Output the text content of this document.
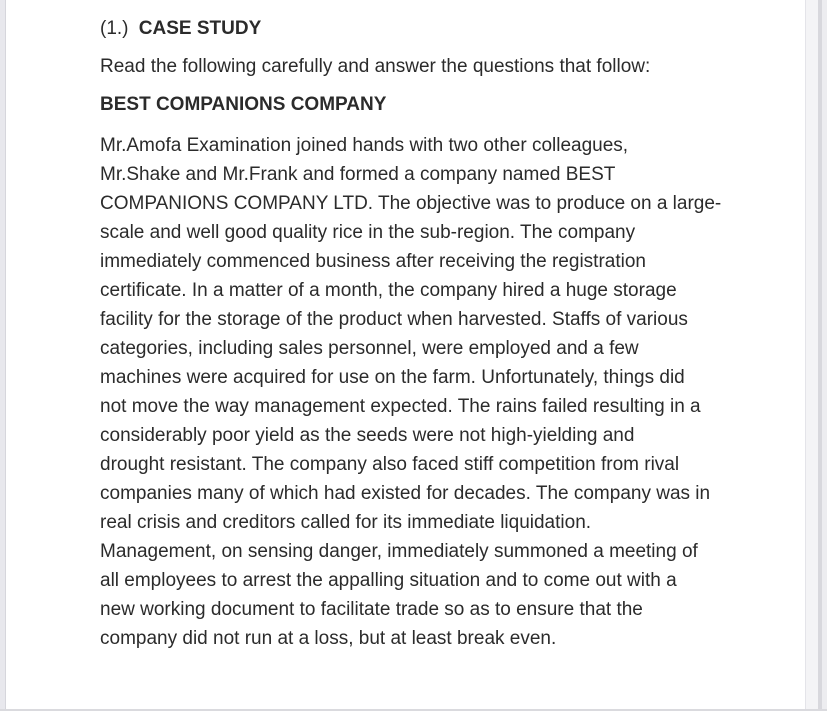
(1.) CASE STUDY
Read the following carefully and answer the questions that follow:
BEST COMPANIONS COMPANY
Mr.Amofa Examination joined hands with two other colleagues,
Mr.Shake and Mr.Frank and formed a company named BEST
COMPANIONS COMPANY LTD. The objective was to produce on a large-
scale and well good quality rice in the sub-region. The company
immediately commenced business after receiving the registration
certificate. In a matter of a month, the company hired a huge storage
facility for the storage of the product when harvested. Staffs of various
categories, including sales personnel, were employed and a few
machines were acquired for use on the farm. Unfortunately, things did
not move the way management expected. The rains failed resulting in a
considerably poor yield as the seeds were not high-yielding and
drought resistant. The company also faced stiff competition from rival
companies many of which had existed for decades. The company was in
real crisis and creditors called for its immediate liquidation.
Management, on sensing danger, immediately summoned a meeting of
all employees to arrest the appalling situation and to come out with a
new working document to facilitate trade so as to ensure that the
company did not run at a loss, but at least break even.
